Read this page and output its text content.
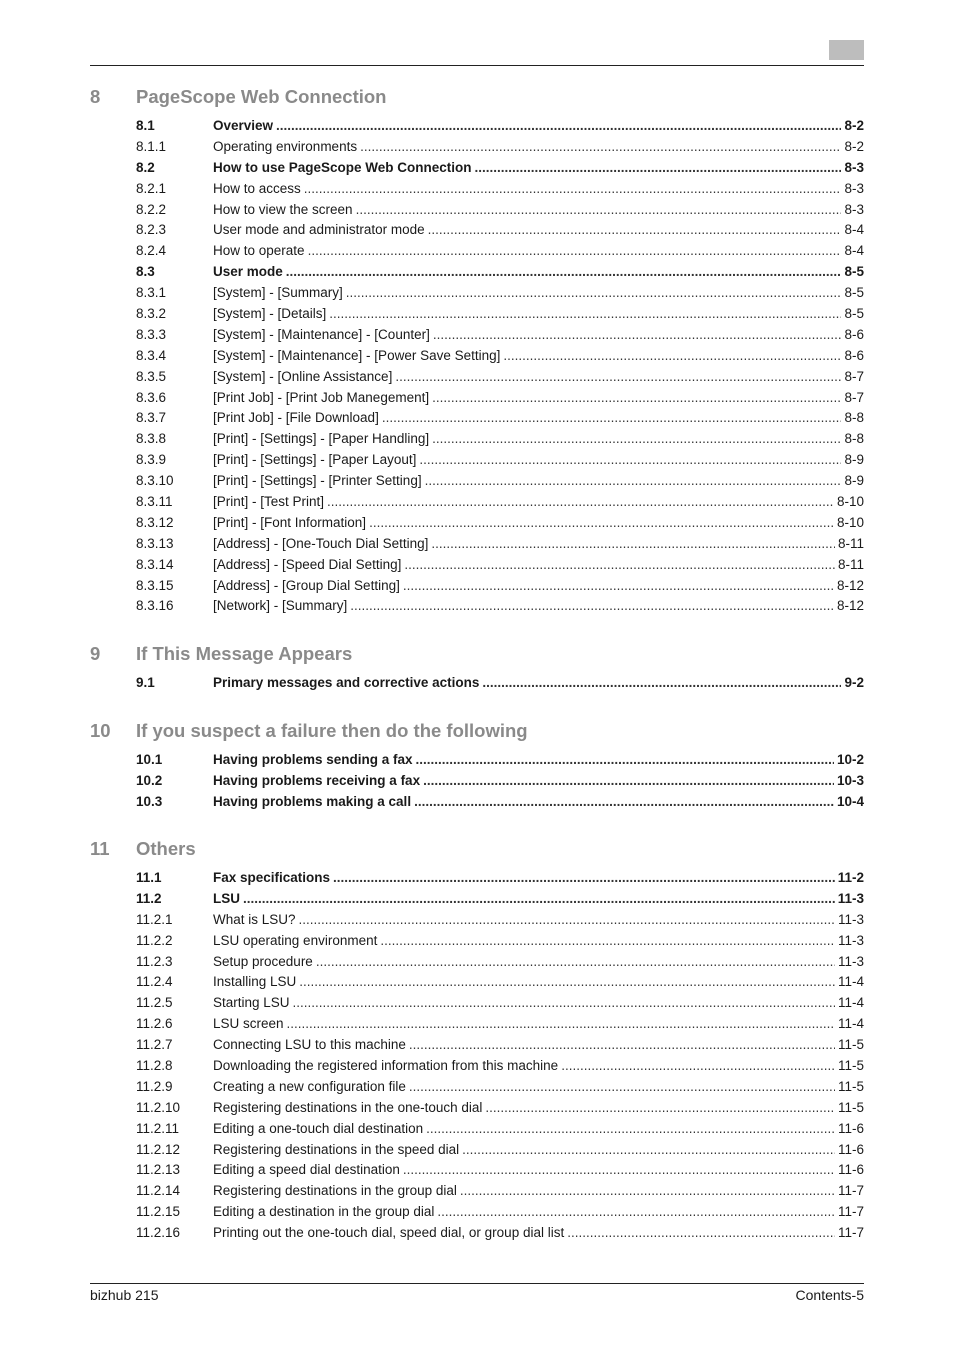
8	PageScope Web Connection
8.1	Overview .....	8-2
8.1.1	Operating environments .....	8-2
8.2	How to use PageScope Web Connection .....	8-3
8.2.1	How to access .....	8-3
8.2.2	How to view the screen .....	8-3
8.2.3	User mode and administrator mode .....	8-4
8.2.4	How to operate .....	8-4
8.3	User mode .....	8-5
8.3.1	[System] - [Summary] .....	8-5
8.3.2	[System] - [Details] .....	8-5
8.3.3	[System] - [Maintenance] - [Counter] .....	8-6
8.3.4	[System] - [Maintenance] - [Power Save Setting] .....	8-6
8.3.5	[System] - [Online Assistance] .....	8-7
8.3.6	[Print Job] - [Print Job Manegement] .....	8-7
8.3.7	[Print Job] - [File Download] .....	8-8
8.3.8	[Print] - [Settings] - [Paper Handling] .....	8-8
8.3.9	[Print] - [Settings] - [Paper Layout] .....	8-9
8.3.10	[Print] - [Settings] - [Printer Setting] .....	8-9
8.3.11	[Print] - [Test Print] .....	8-10
8.3.12	[Print] - [Font Information] .....	8-10
8.3.13	[Address] - [One-Touch Dial Setting] .....	8-11
8.3.14	[Address] - [Speed Dial Setting] .....	8-11
8.3.15	[Address] - [Group Dial Setting] .....	8-12
8.3.16	[Network] - [Summary] .....	8-12
9	If This Message Appears
9.1	Primary messages and corrective actions .....	9-2
10	If you suspect a failure then do the following
10.1	Having problems sending a fax .....	10-2
10.2	Having problems receiving a fax .....	10-3
10.3	Having problems making a call .....	10-4
11	Others
11.1	Fax specifications .....	11-2
11.2	LSU .....	11-3
11.2.1	What is LSU? .....	11-3
11.2.2	LSU operating environment .....	11-3
11.2.3	Setup procedure .....	11-3
11.2.4	Installing LSU .....	11-4
11.2.5	Starting LSU .....	11-4
11.2.6	LSU screen .....	11-4
11.2.7	Connecting LSU to this machine .....	11-5
11.2.8	Downloading the registered information from this machine .....	11-5
11.2.9	Creating a new configuration file .....	11-5
11.2.10	Registering destinations in the one-touch dial .....	11-5
11.2.11	Editing a one-touch dial destination .....	11-6
11.2.12	Registering destinations in the speed dial .....	11-6
11.2.13	Editing a speed dial destination .....	11-6
11.2.14	Registering destinations in the group dial .....	11-7
11.2.15	Editing a destination in the group dial .....	11-7
11.2.16	Printing out the one-touch dial, speed dial, or group dial list .....	11-7
bizhub 215	Contents-5
